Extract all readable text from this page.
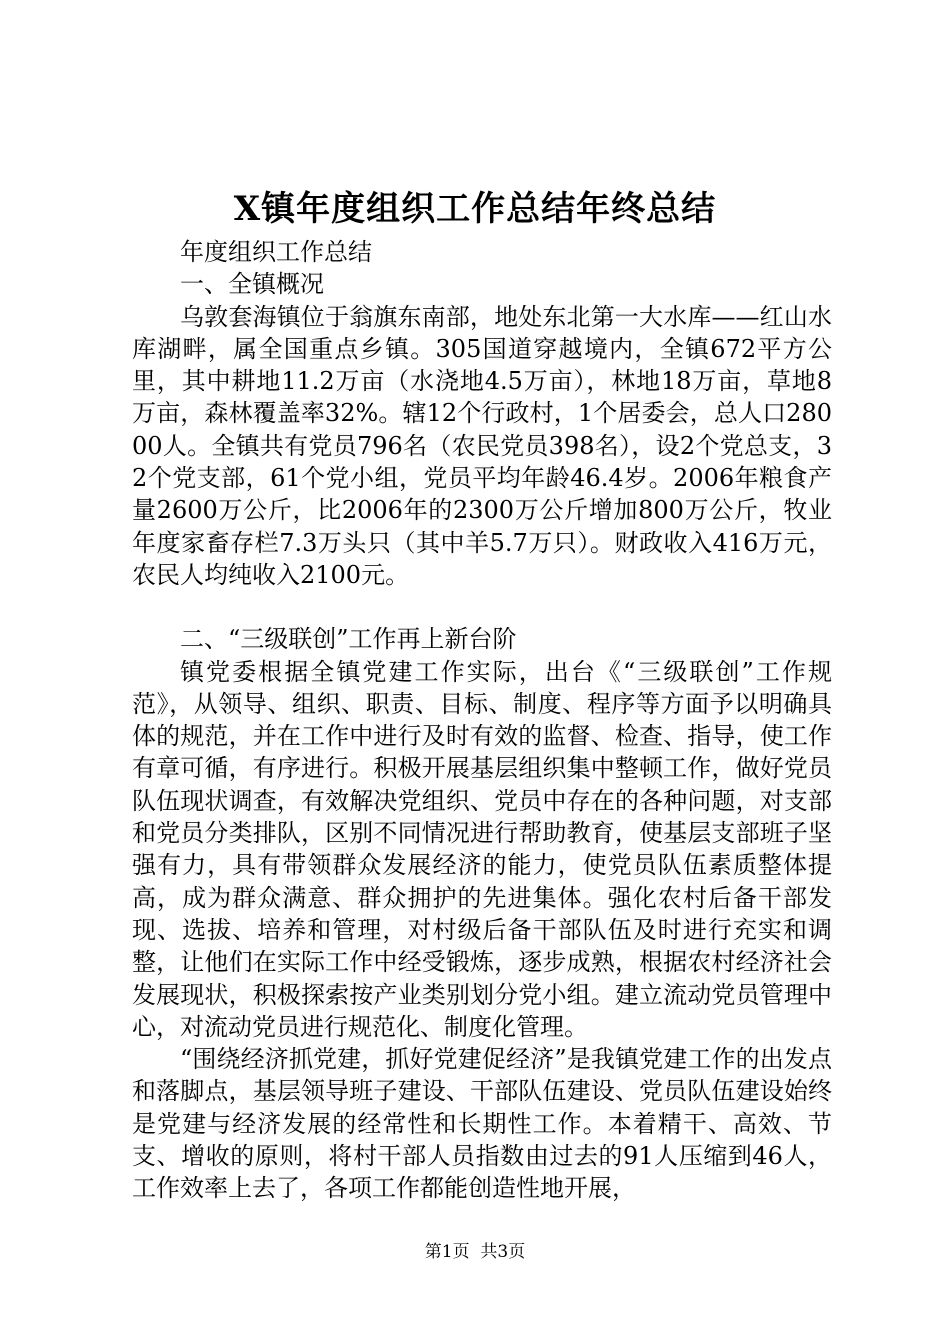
X镇年度组织工作总结年终总结

年度组织工作总结

一、全镇概况

乌敦套海镇位于翁旗东南部，地处东北第一大水库——红山水库湖畔，属全国重点乡镇。305国道穿越境内，全镇672平方公里，其中耕地11.2万亩（水浇地4.5万亩），林地18万亩，草地8万亩，森林覆盖率32%。辖12个行政村，1个居委会，总人口28000人。全镇共有党员796名（农民党员398名），设2个党总支，32个党支部，61个党小组，党员平均年龄46.4岁。2006年粮食产量2600万公斤，比2006年的2300万公斤增加800万公斤，牧业年度家畜存栏7.3万头只（其中羊5.7万只）。财政收入416万元，农民人均纯收入2100元。

二、“三级联创”工作再上新台阶

镇党委根据全镇党建工作实际，出台《“三级联创”工作规范》，从领导、组织、职责、目标、制度、程序等方面予以明确具体的规范，并在工作中进行及时有效的监督、检查、指导，使工作有章可循，有序进行。积极开展基层组织集中整顿工作，做好党员队伍现状调查，有效解决党组织、党员中存在的各种问题，对支部和党员分类排队，区别不同情况进行帮助教育，使基层支部班子坚强有力，具有带领群众发展经济的能力，使党员队伍素质整体提高，成为群众满意、群众拥护的先进集体。强化农村后备干部发现、选拔、培养和管理，对村级后备干部队伍及时进行充实和调整，让他们在实际工作中经受锻炼，逐步成熟，根据农村经济社会发展现状，积极探索按产业类别划分党小组。建立流动党员管理中心，对流动党员进行规范化、制度化管理。

“围绕经济抓党建，抓好党建促经济”是我镇党建工作的出发点和落脚点，基层领导班子建设、干部队伍建设、党员队伍建设始终是党建与经济发展的经常性和长期性工作。本着精干、高效、节支、增收的原则，将村干部人员指数由过去的91人压缩到46人，工作效率上去了，各项工作都能创造性地开展，

第1页  共3页
